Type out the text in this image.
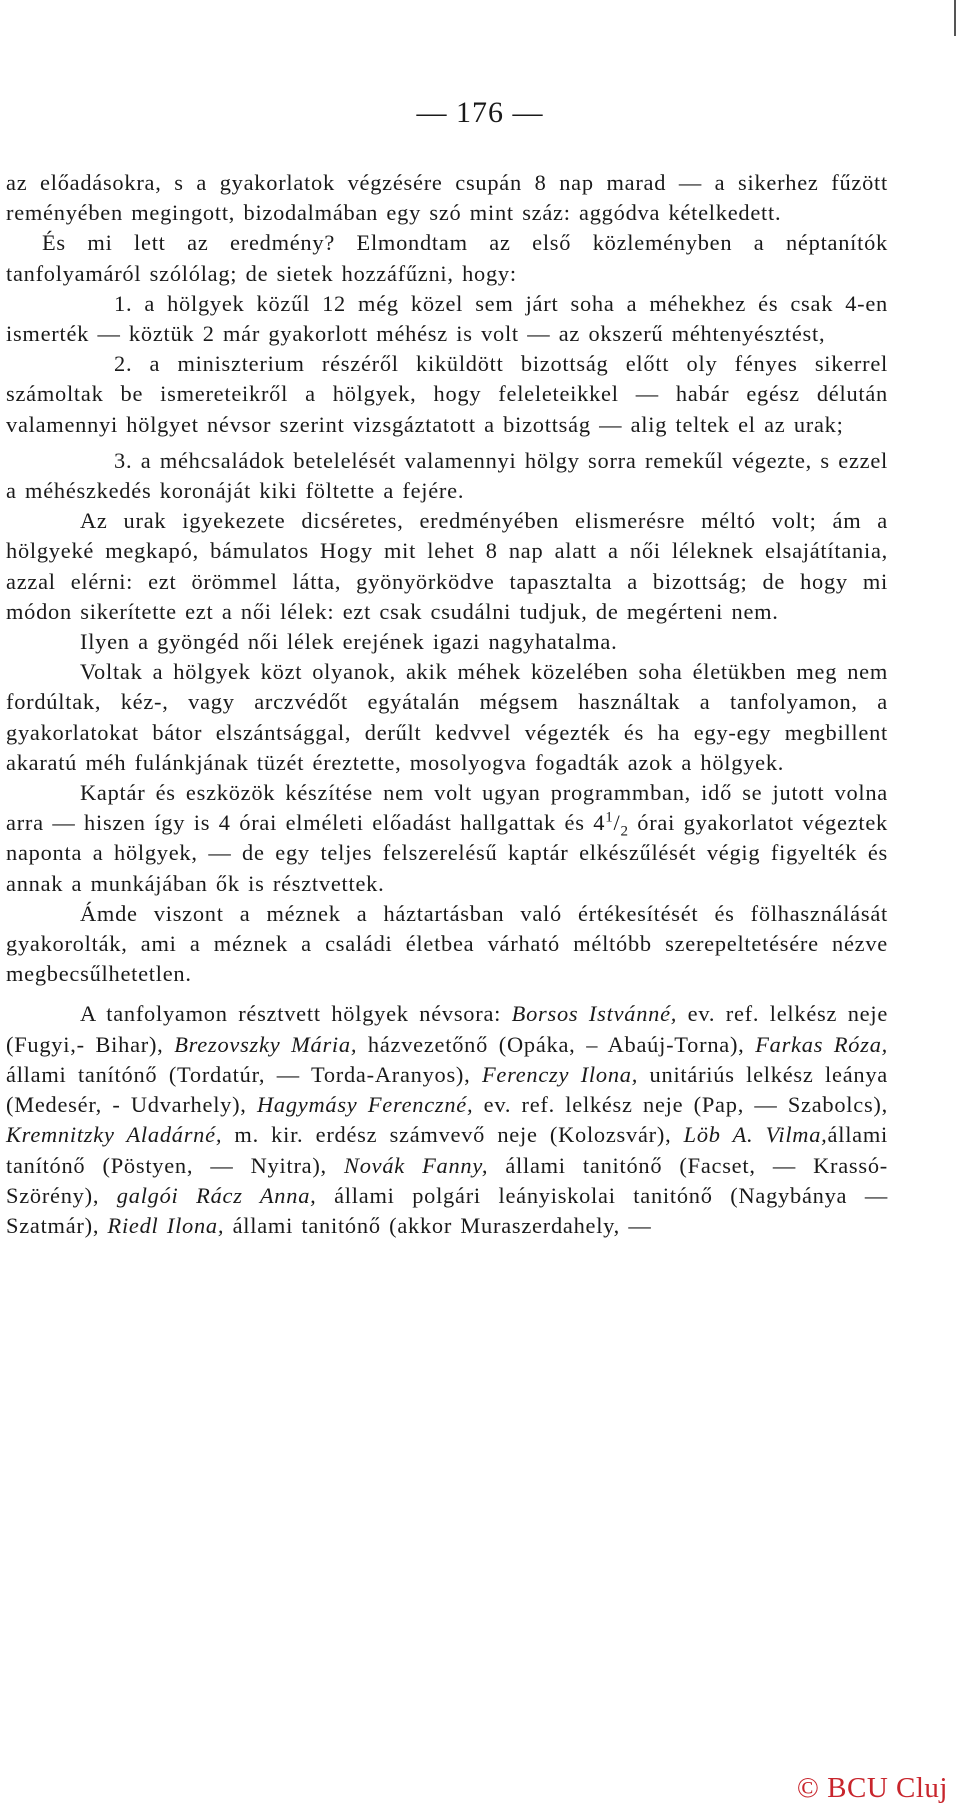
— 176 —

az előadásokra, s a gyakorlatok végzésére csupán 8 nap marad — a sikerhez fűzött reményében megingott, bizodalmában egy szó mint száz: aggódva kételkedett.

És mi lett az eredmény? Elmondtam az első közleményben a néptanítók tanfolyamáról szólólag; de sietek hozzáfűzni, hogy:

1. a hölgyek közűl 12 még közel sem járt soha a méhekhez és csak 4-en ismerték — köztük 2 már gyakorlott méhész is volt — az okszerű méhtenyésztést,

2. a miniszterium részéről kiküldött bizottság előtt oly fényes sikerrel számoltak be ismereteikről a hölgyek, hogy feleleteikkel — habár egész délután valamennyi hölgyet névsor szerint vizsgáztatott a bizottság — alig teltek el az urak;

3. a méhcsaládok betelelését valamennyi hölgy sorra remekűl végezte, s ezzel a méhészkedés koronáját kiki föltette a fejére.

Az urak igyekezete dicséretes, eredményében elismerésre méltó volt; ám a hölgyeké megkapó, bámulatos Hogy mit lehet 8 nap alatt a női léleknek elsajátítania, azzal elérni: ezt örömmel látta, gyönyörködve tapasztalta a bizottság; de hogy mi módon sikerítette ezt a női lélek: ezt csak csudálni tudjuk, de megérteni nem.

Ilyen a gyöngéd női lélek erejének igazi nagyhatalma.

Voltak a hölgyek közt olyanok, akik méhek közelében soha életükben meg nem fordúltak, kéz-, vagy arczvédőt egyátalán mégsem használtak a tanfolyamon, a gyakorlatokat bátor elszántsággal, derűlt kedvvel végezték és ha egy-egy megbillent akaratú méh fulánkjának tüzét éreztette, mosolyogva fogadták azok a hölgyek.

Kaptár és eszközök készítése nem volt ugyan programmban, idő se jutott volna arra — hiszen így is 4 órai elméleti előadást hallgattak és $4^1/_2$ órai gyakorlatot végeztek naponta a hölgyek, — de egy teljes felszerelésű kaptár elkészűlését végig figyelték és annak a munkájában ők is résztvettek.

Ámde viszont a méznek a háztartásban való értékesítését és fölhasználását gyakorolták, ami a méznek a családi életbea várható méltóbb szerepeltetésére nézve megbecsűlhetetlen.

A tanfolyamon résztvett hölgyek névsora: Borsos Istvánné, ev. ref. lelkész neje (Fugyi,- Bihar), Brezovszky Mária, házvezetőnő (Opáka, – Abaúj-Torna), Farkas Róza, állami tanítónő (Tordatúr, — Torda-Aranyos), Ferenczy Ilona, unitáriús lelkész leánya (Medesér, - Udvarhely), Hagymásy Ferenczné, ev. ref. lelkész neje (Pap, — Szabolcs), Kremnitzky Aladárné, m. kir. erdész számvevő neje (Kolozsvár), Löb A. Vilma,állami tanítónő (Pöstyen, — Nyitra), Novák Fanny, állami tanitónő (Facset, — Krassó-Szörény), galgói Rácz Anna, állami polgári leányiskolai tanitónő (Nagybánya — Szatmár), Riedl Ilona, állami tanitónő (akkor Muraszerdahely, —

© BCU Cluj
